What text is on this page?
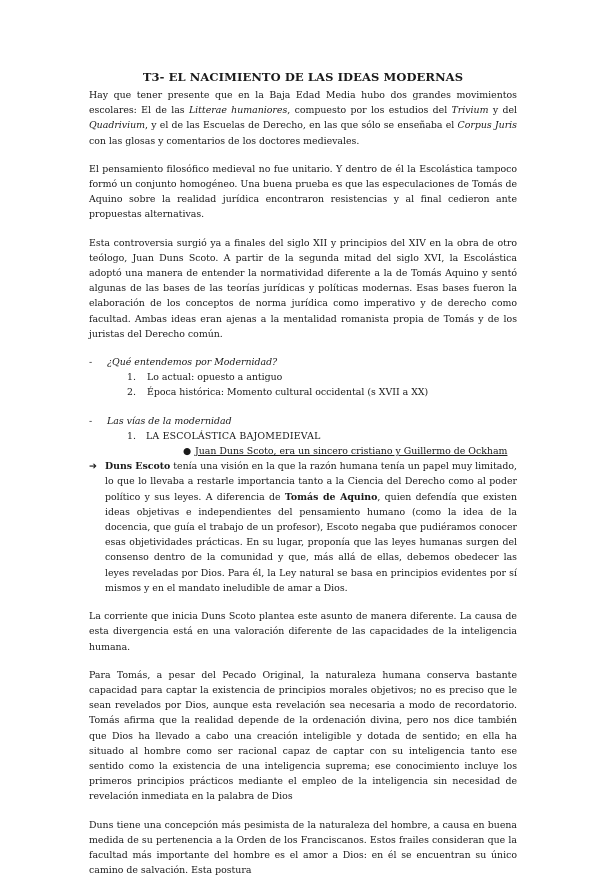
T3- EL NACIMIENTO DE LAS IDEAS MODERNAS

Hay que tener presente que en la Baja Edad Media hubo dos grandes movimientos escolares: El de las Litterae humaniores, compuesto por los estudios del Trivium y del Quadrivium, y el de las Escuelas de Derecho, en las que sólo se enseñaba el Corpus Juris con las glosas y comentarios de los doctores medievales.

El pensamiento filosófico medieval no fue unitario. Y dentro de él la Escolástica tampoco formó un conjunto homogéneo. Una buena prueba es que las especulaciones de Tomás de Aquino sobre la realidad jurídica encontraron resistencias y al final cedieron ante propuestas alternativas.

Esta controversia surgió ya a finales del siglo XII y principios del XIV en la obra de otro teólogo, Juan Duns Scoto. A partir de la segunda mitad del siglo XVI, la Escolástica adoptó una manera de entender la normatividad diferente a la de Tomás Aquino y sentó algunas de las bases de las teorías jurídicas y políticas modernas. Esas bases fueron la elaboración de los conceptos de norma jurídica como imperativo y de derecho como facultad. Ambas ideas eran ajenas a la mentalidad romanista propia de Tomás y de los juristas del Derecho común.

- ¿Qué entendemos por Modernidad?
1. Lo actual: opuesto a antiguo
2. Época histórica: Momento cultural occidental (s XVII a XX)
- Las vías de la modernidad
1. LA ESCOLÁSTICA BAJOMEDIEVAL
● Juan Duns Scoto, era un sincero cristiano y Guillermo de Ockham
➔ Duns Escoto tenía una visión en la que la razón humana tenía un papel muy limitado, lo que lo llevaba a restarle importancia tanto a la Ciencia del Derecho como al poder político y sus leyes. A diferencia de Tomás de Aquino, quien defendía que existen ideas objetivas e independientes del pensamiento humano (como la idea de la docencia, que guía el trabajo de un profesor), Escoto negaba que pudiéramos conocer esas objetividades prácticas. En su lugar, proponía que las leyes humanas surgen del consenso dentro de la comunidad y que, más allá de ellas, debemos obedecer las leyes reveladas por Dios. Para él, la Ley natural se basa en principios evidentes por sí mismos y en el mandato ineludible de amar a Dios.

La corriente que inicia Duns Scoto plantea este asunto de manera diferente. La causa de esta divergencia está en una valoración diferente de las capacidades de la inteligencia humana.

Para Tomás, a pesar del Pecado Original, la naturaleza humana conserva bastante capacidad para captar la existencia de principios morales objetivos; no es preciso que le sean revelados por Dios, aunque esta revelación sea necesaria a modo de recordatorio. Tomás afirma que la realidad depende de la ordenación divina, pero nos dice también que Dios ha llevado a cabo una creación inteligible y dotada de sentido; en ella ha situado al hombre como ser racional capaz de captar con su inteligencia tanto ese sentido como la existencia de una inteligencia suprema; ese conocimiento incluye los primeros principios prácticos mediante el empleo de la inteligencia sin necesidad de revelación inmediata en la palabra de Dios

Duns tiene una concepción más pesimista de la naturaleza del hombre, a causa en buena medida de su pertenencia a la Orden de los Franciscanos. Estos frailes consideran que la facultad más importante del hombre es el amor a Dios: en él se encuentran su único camino de salvación. Esta postura
